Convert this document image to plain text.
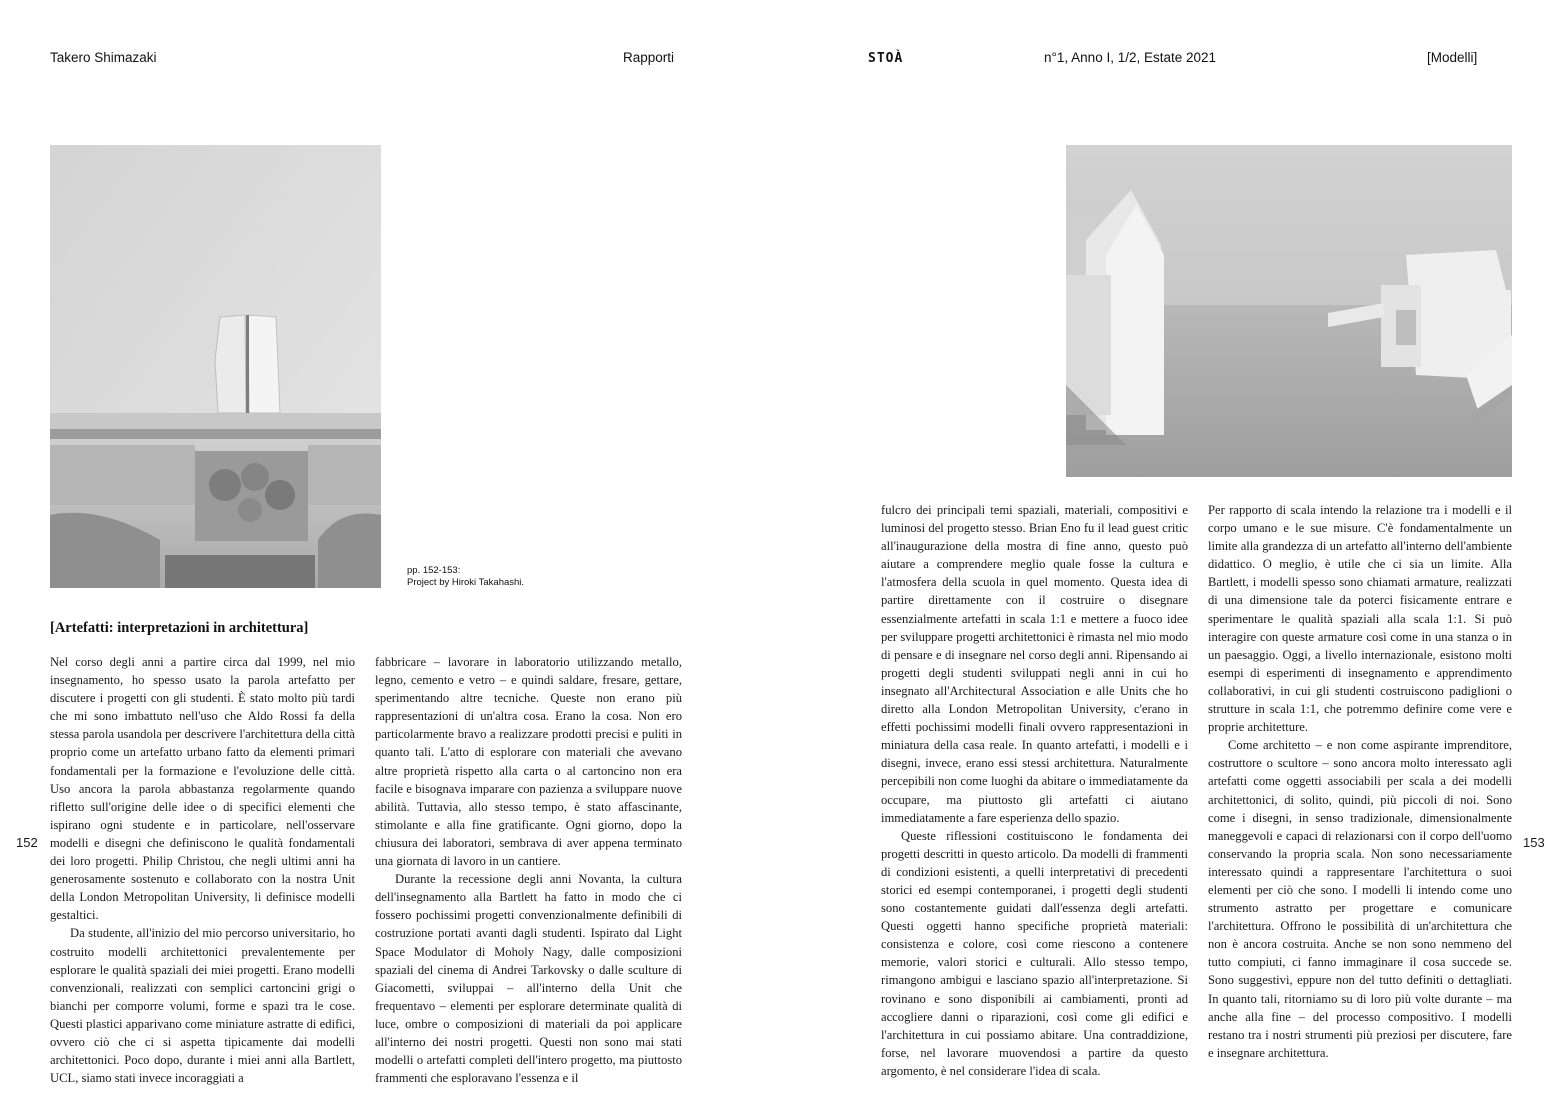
Takero Shimazaki	Rapporti	STOÀ	n°1, Anno I, 1/2, Estate 2021	[Modelli]
152	153
pp. 152-153:
Project by Hiroki Takahashi.
[Artefatti: interpretazioni in architettura]

Nel corso degli anni a partire circa dal 1999, nel mio insegnamento, ho spesso usato la parola artefatto per discutere i progetti con gli studenti. È stato molto più tardi che mi sono imbattuto nell'uso che Aldo Rossi fa della stessa parola usandola per descrivere l'architettura della città proprio come un artefatto urbano fatto da elementi primari fondamentali per la formazione e l'evoluzione delle città. Uso ancora la parola abbastanza regolarmente quando rifletto sull'origine delle idee o di specifici elementi che ispirano ogni studente e in particolare, nell'osservare modelli e disegni che definiscono le qualità fondamentali dei loro progetti. Philip Christou, che negli ultimi anni ha generosamente sostenuto e collaborato con la nostra Unit della London Metropolitan University, li definisce modelli gestaltici.

Da studente, all'inizio del mio percorso universitario, ho costruito modelli architettonici prevalentemente per esplorare le qualità spaziali dei miei progetti. Erano modelli convenzionali, realizzati con semplici cartoncini grigi o bianchi per comporre volumi, forme e spazi tra le cose. Questi plastici apparivano come miniature astratte di edifici, ovvero ciò che ci si aspetta tipicamente dai modelli architettonici. Poco dopo, durante i miei anni alla Bartlett, UCL, siamo stati invece incoraggiati a

fabbricare – lavorare in laboratorio utilizzando metallo, legno, cemento e vetro – e quindi saldare, fresare, gettare, sperimentando altre tecniche. Queste non erano più rappresentazioni di un'altra cosa. Erano la cosa. Non ero particolarmente bravo a realizzare prodotti precisi e puliti in quanto tali. L'atto di esplorare con materiali che avevano altre proprietà rispetto alla carta o al cartoncino non era facile e bisognava imparare con pazienza a sviluppare nuove abilità. Tuttavia, allo stesso tempo, è stato affascinante, stimolante e alla fine gratificante. Ogni giorno, dopo la chiusura dei laboratori, sembrava di aver appena terminato una giornata di lavoro in un cantiere.

Durante la recessione degli anni Novanta, la cultura dell'insegnamento alla Bartlett ha fatto in modo che ci fossero pochissimi progetti convenzionalmente definibili di costruzione portati avanti dagli studenti. Ispirato dal Light Space Modulator di Moholy Nagy, dalle composizioni spaziali del cinema di Andrei Tarkovsky o dalle sculture di Giacometti, sviluppai – all'interno della Unit che frequentavo – elementi per esplorare determinate qualità di luce, ombre o composizioni di materiali da poi applicare all'interno dei nostri progetti. Questi non sono mai stati modelli o artefatti completi dell'intero progetto, ma piuttosto frammenti che esploravano l'essenza e il

fulcro dei principali temi spaziali, materiali, compositivi e luminosi del progetto stesso. Brian Eno fu il lead guest critic all'inaugurazione della mostra di fine anno, questo può aiutare a comprendere meglio quale fosse la cultura e l'atmosfera della scuola in quel momento. Questa idea di partire direttamente con il costruire o disegnare essenzialmente artefatti in scala 1:1 e mettere a fuoco idee per sviluppare progetti architettonici è rimasta nel mio modo di pensare e di insegnare nel corso degli anni. Ripensando ai progetti degli studenti sviluppati negli anni in cui ho insegnato all'Architectural Association e alle Units che ho diretto alla London Metropolitan University, c'erano in effetti pochissimi modelli finali ovvero rappresentazioni in miniatura della casa reale. In quanto artefatti, i modelli e i disegni, invece, erano essi stessi architettura. Naturalmente percepibili non come luoghi da abitare o immediatamente da occupare, ma piuttosto gli artefatti ci aiutano immediatamente a fare esperienza dello spazio.

Queste riflessioni costituiscono le fondamenta dei progetti descritti in questo articolo. Da modelli di frammenti di condizioni esistenti, a quelli interpretativi di precedenti storici ed esempi contemporanei, i progetti degli studenti sono costantemente guidati dall'essenza degli artefatti. Questi oggetti hanno specifiche proprietà materiali: consistenza e colore, così come riescono a contenere memorie, valori storici e culturali. Allo stesso tempo, rimangono ambigui e lasciano spazio all'interpretazione. Si rovinano e sono disponibili ai cambiamenti, pronti ad accogliere danni o riparazioni, così come gli edifici e l'architettura in cui possiamo abitare. Una contraddizione, forse, nel lavorare muovendosi a partire da questo argomento, è nel considerare l'idea di scala.

Per rapporto di scala intendo la relazione tra i modelli e il corpo umano e le sue misure. C'è fondamentalmente un limite alla grandezza di un artefatto all'interno dell'ambiente didattico. O meglio, è utile che ci sia un limite. Alla Bartlett, i modelli spesso sono chiamati armature, realizzati di una dimensione tale da poterci fisicamente entrare e sperimentare le qualità spaziali alla scala 1:1. Si può interagire con queste armature così come in una stanza o in un paesaggio. Oggi, a livello internazionale, esistono molti esempi di esperimenti di insegnamento e apprendimento collaborativi, in cui gli studenti costruiscono padiglioni o strutture in scala 1:1, che potremmo definire come vere e proprie architetture.

Come architetto – e non come aspirante imprenditore, costruttore o scultore – sono ancora molto interessato agli artefatti come oggetti associabili per scala a dei modelli architettonici, di solito, quindi, più piccoli di noi. Sono come i disegni, in senso tradizionale, dimensionalmente maneggevoli e capaci di relazionarsi con il corpo dell'uomo conservando la propria scala. Non sono necessariamente interessato quindi a rappresentare l'architettura o suoi elementi per ciò che sono. I modelli li intendo come uno strumento astratto per progettare e comunicare l'architettura. Offrono le possibilità di un'architettura che non è ancora costruita. Anche se non sono nemmeno del tutto compiuti, ci fanno immaginare il cosa succede se. Sono suggestivi, eppure non del tutto definiti o dettagliati. In quanto tali, ritorniamo su di loro più volte durante – ma anche alla fine – del processo compositivo. I modelli restano tra i nostri strumenti più preziosi per discutere, fare e insegnare architettura.
